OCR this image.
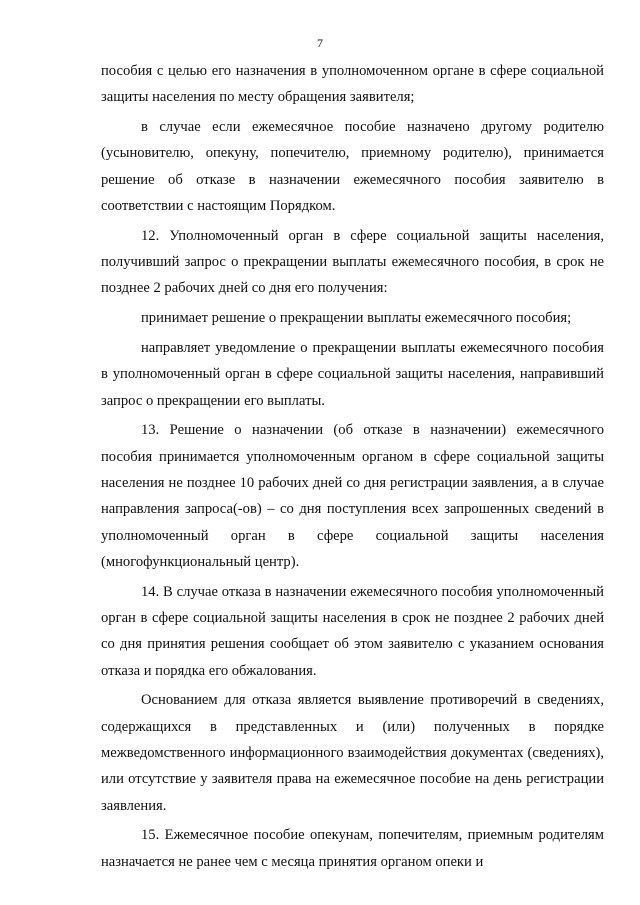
7

пособия с целью его назначения в уполномоченном органе в сфере социальной защиты населения по месту обращения заявителя;

в случае если ежемесячное пособие назначено другому родителю (усыновителю, опекуну, попечителю, приемному родителю), принимается решение об отказе в назначении ежемесячного пособия заявителю в соответствии с настоящим Порядком.

12. Уполномоченный орган в сфере социальной защиты населения, получивший запрос о прекращении выплаты ежемесячного пособия, в срок не позднее 2 рабочих дней со дня его получения:

принимает решение о прекращении выплаты ежемесячного пособия;

направляет уведомление о прекращении выплаты ежемесячного пособия в уполномоченный орган в сфере социальной защиты населения, направивший запрос о прекращении его выплаты.

13. Решение о назначении (об отказе в назначении) ежемесячного пособия принимается уполномоченным органом в сфере социальной защиты населения не позднее 10 рабочих дней со дня регистрации заявления, а в случае направления запроса(-ов) – со дня поступления всех запрошенных сведений в уполномоченный орган в сфере социальной защиты населения (многофункциональный центр).

14. В случае отказа в назначении ежемесячного пособия уполномоченный орган в сфере социальной защиты населения в срок не позднее 2 рабочих дней со дня принятия решения сообщает об этом заявителю с указанием основания отказа и порядка его обжалования.

Основанием для отказа является выявление противоречий в сведениях, содержащихся в представленных и (или) полученных в порядке межведомственного информационного взаимодействия документах (сведениях), или отсутствие у заявителя права на ежемесячное пособие на день регистрации заявления.

15. Ежемесячное пособие опекунам, попечителям, приемным родителям назначается не ранее чем с месяца принятия органом опеки и
